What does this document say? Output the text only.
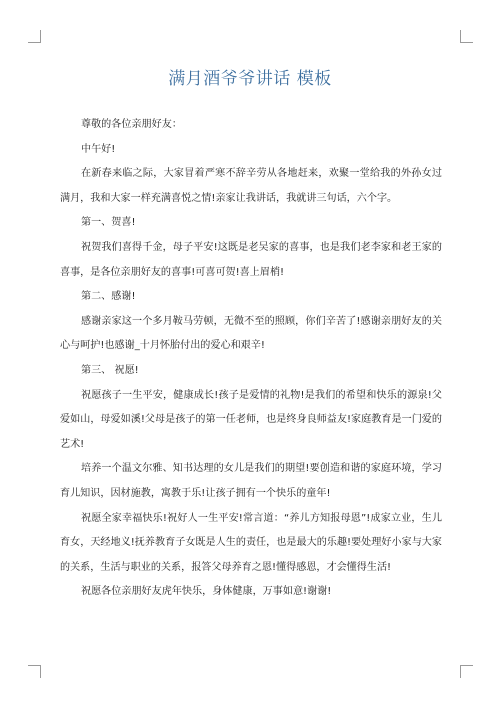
满月酒爷爷讲话 模板

尊敬的各位亲朋好友：

中午好!

在新春来临之际，大家冒着严寒不辞辛劳从各地赶来，欢聚一堂给我的外孙女过满月，我和大家一样充满喜悦之情!亲家让我讲话，我就讲三句话，六个字。

第一、贺喜!

祝贺我们喜得千金，母子平安!这既是老吴家的喜事，也是我们老李家和老王家的喜事，是各位亲朋好友的喜事!可喜可贺!喜上眉梢!

第二、感谢!

感谢亲家这一个多月鞍马劳顿，无微不至的照顾，你们辛苦了!感谢亲朋好友的关心与呵护!也感谢_十月怀胎付出的爱心和艰辛!

第三、 祝愿!

祝愿孩子一生平安，健康成长!孩子是爱情的礼物!是我们的希望和快乐的源泉!父爱如山，母爱如溪!父母是孩子的第一任老师，也是终身良师益友!家庭教育是一门爱的艺术!

培养一个温文尔雅、知书达理的女儿是我们的期望!要创造和谐的家庭环境，学习育儿知识，因材施教，寓教于乐!让孩子拥有一个快乐的童年!

祝愿全家幸福快乐!祝好人一生平安!常言道：“养儿方知报母恩”!成家立业，生儿育女，天经地义!抚养教育子女既是人生的责任，也是最大的乐趣!要处理好小家与大家的关系，生活与职业的关系，报答父母养育之恩!懂得感恩，才会懂得生活!

祝愿各位亲朋好友虎年快乐，身体健康，万事如意!谢谢!
